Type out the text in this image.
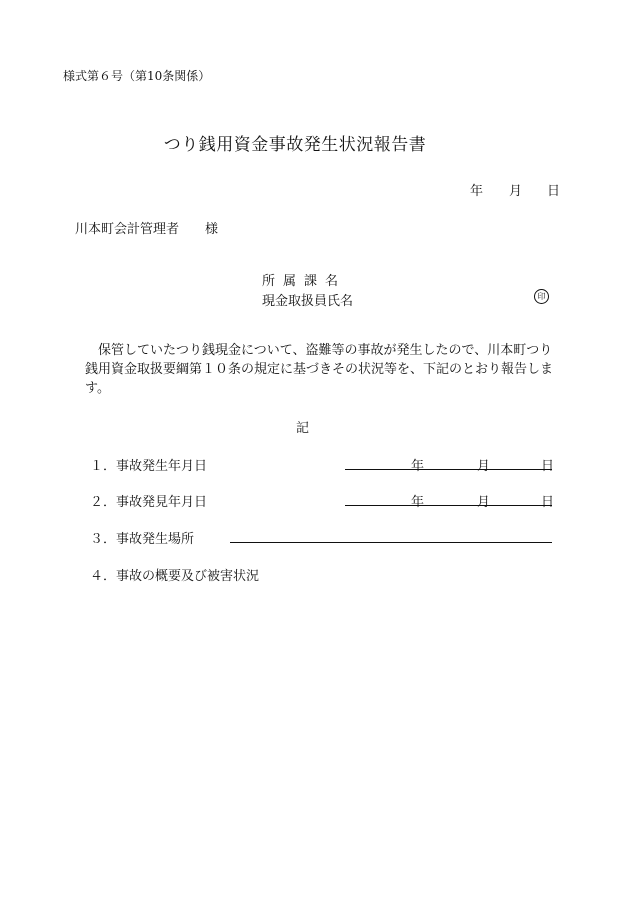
様式第６号（第10条関係）
つり銭用資金事故発生状況報告書
年 月 日
川本町会計管理者 様
所属課名
現金取扱員氏名	印
保管していたつり銭現金について、盗難等の事故が発生したので、川本町つり銭用資金取扱要綱第１０条の規定に基づきその状況等を、下記のとおり報告します。
記
１．事故発生年月日	年	月	日
２．事故発見年月日	年	月	日
３．事故発生場所
４．事故の概要及び被害状況
